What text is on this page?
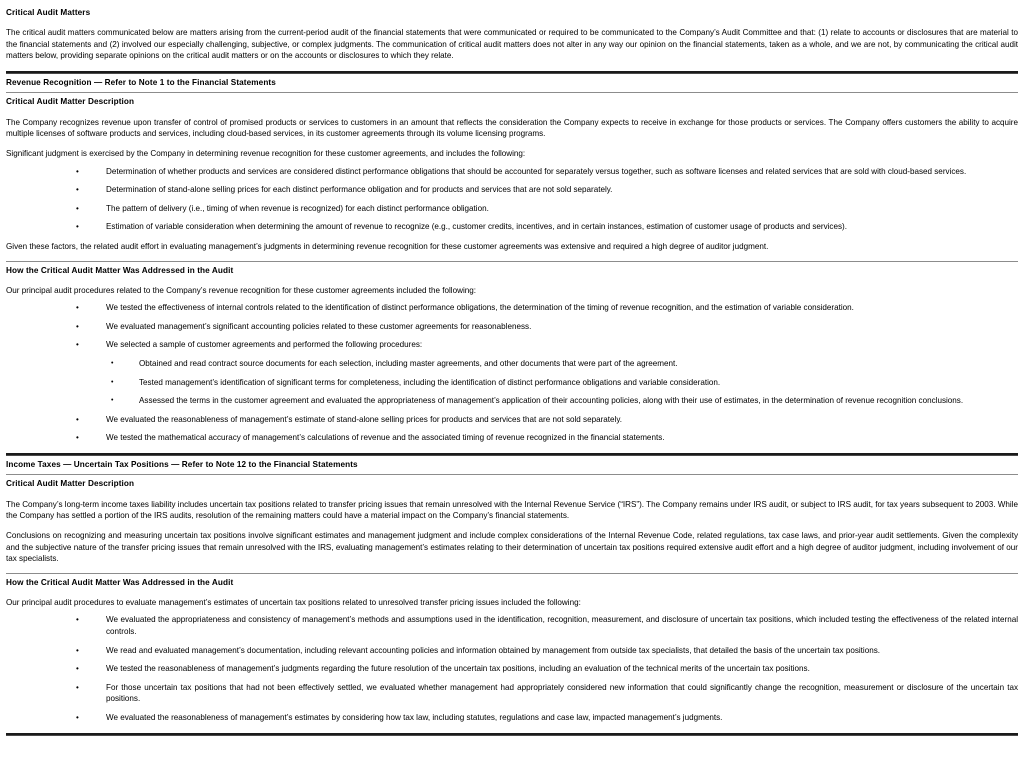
Critical Audit Matters

The critical audit matters communicated below are matters arising from the current-period audit of the financial statements that were communicated or required to be communicated to the Company’s Audit Committee and that: (1) relate to accounts or disclosures that are material to the financial statements and (2) involved our especially challenging, subjective, or complex judgments. The communication of critical audit matters does not alter in any way our opinion on the financial statements, taken as a whole, and we are not, by communicating the critical audit matters below, providing separate opinions on the critical audit matters or on the accounts or disclosures to which they relate.

Revenue Recognition — Refer to Note 1 to the Financial Statements
Critical Audit Matter Description

The Company recognizes revenue upon transfer of control of promised products or services to customers in an amount that reflects the consideration the Company expects to receive in exchange for those products or services. The Company offers customers the ability to acquire multiple licenses of software products and services, including cloud-based services, in its customer agreements through its volume licensing programs.

Significant judgment is exercised by the Company in determining revenue recognition for these customer agreements, and includes the following:

•	Determination of whether products and services are considered distinct performance obligations that should be accounted for separately versus together, such as software licenses and related services that are sold with cloud-based services.
•	Determination of stand-alone selling prices for each distinct performance obligation and for products and services that are not sold separately.
•	The pattern of delivery (i.e., timing of when revenue is recognized) for each distinct performance obligation.
•	Estimation of variable consideration when determining the amount of revenue to recognize (e.g., customer credits, incentives, and in certain instances, estimation of customer usage of products and services).

Given these factors, the related audit effort in evaluating management’s judgments in determining revenue recognition for these customer agreements was extensive and required a high degree of auditor judgment.

How the Critical Audit Matter Was Addressed in the Audit

Our principal audit procedures related to the Company’s revenue recognition for these customer agreements included the following:

•	We tested the effectiveness of internal controls related to the identification of distinct performance obligations, the determination of the timing of revenue recognition, and the estimation of variable consideration.
•	We evaluated management’s significant accounting policies related to these customer agreements for reasonableness.
•	We selected a sample of customer agreements and performed the following procedures:
•	Obtained and read contract source documents for each selection, including master agreements, and other documents that were part of the agreement.
•	Tested management’s identification of significant terms for completeness, including the identification of distinct performance obligations and variable consideration.
•	Assessed the terms in the customer agreement and evaluated the appropriateness of management’s application of their accounting policies, along with their use of estimates, in the determination of revenue recognition conclusions.
•	We evaluated the reasonableness of management’s estimate of stand-alone selling prices for products and services that are not sold separately.
•	We tested the mathematical accuracy of management’s calculations of revenue and the associated timing of revenue recognized in the financial statements.
Income Taxes — Uncertain Tax Positions — Refer to Note 12 to the Financial Statements
Critical Audit Matter Description

The Company’s long-term income taxes liability includes uncertain tax positions related to transfer pricing issues that remain unresolved with the Internal Revenue Service (“IRS”). The Company remains under IRS audit, or subject to IRS audit, for tax years subsequent to 2003. While the Company has settled a portion of the IRS audits, resolution of the remaining matters could have a material impact on the Company’s financial statements.

Conclusions on recognizing and measuring uncertain tax positions involve significant estimates and management judgment and include complex considerations of the Internal Revenue Code, related regulations, tax case laws, and prior-year audit settlements. Given the complexity and the subjective nature of the transfer pricing issues that remain unresolved with the IRS, evaluating management’s estimates relating to their determination of uncertain tax positions required extensive audit effort and a high degree of auditor judgment, including involvement of our tax specialists.

How the Critical Audit Matter Was Addressed in the Audit

Our principal audit procedures to evaluate management’s estimates of uncertain tax positions related to unresolved transfer pricing issues included the following:

•	We evaluated the appropriateness and consistency of management’s methods and assumptions used in the identification, recognition, measurement, and disclosure of uncertain tax positions, which included testing the effectiveness of the related internal controls.
•	We read and evaluated management’s documentation, including relevant accounting policies and information obtained by management from outside tax specialists, that detailed the basis of the uncertain tax positions.
•	We tested the reasonableness of management’s judgments regarding the future resolution of the uncertain tax positions, including an evaluation of the technical merits of the uncertain tax positions.
•	For those uncertain tax positions that had not been effectively settled, we evaluated whether management had appropriately considered new information that could significantly change the recognition, measurement or disclosure of the uncertain tax positions.
•	We evaluated the reasonableness of management’s estimates by considering how tax law, including statutes, regulations and case law, impacted management’s judgments.
